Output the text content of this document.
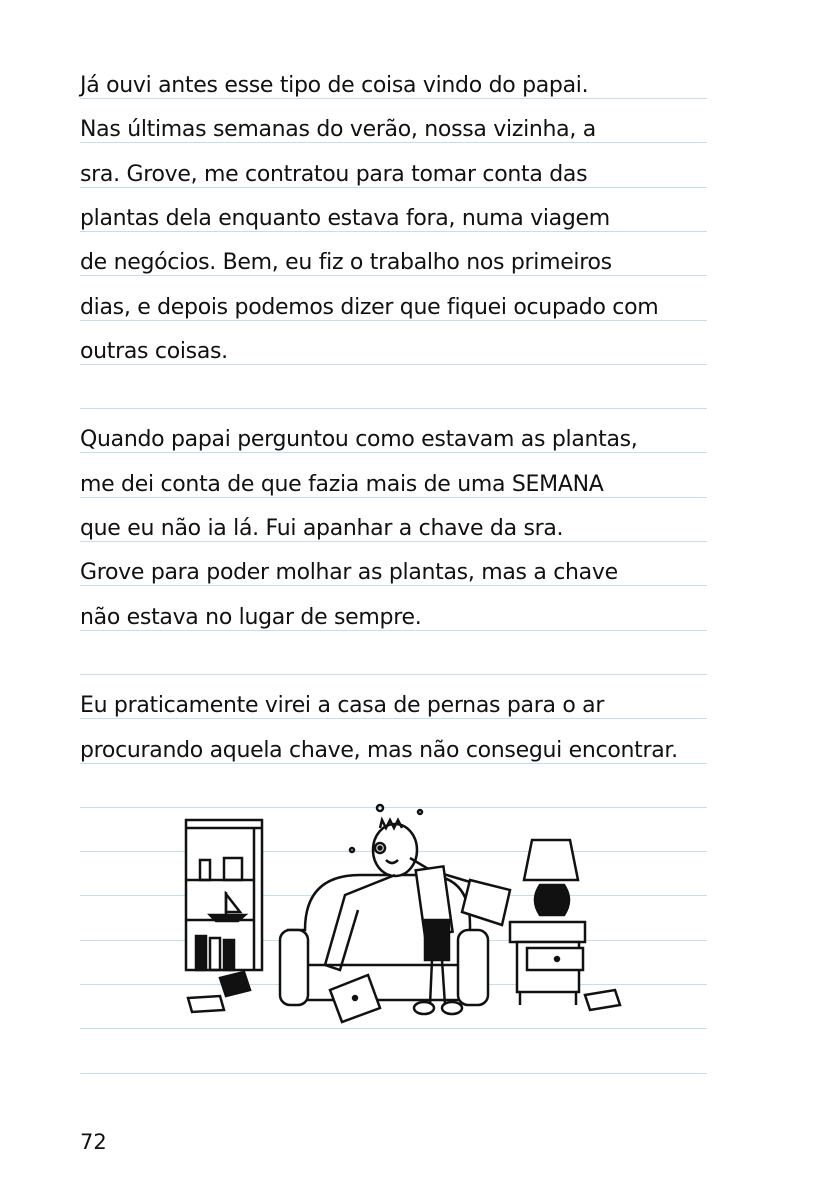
Já ouvi antes esse tipo de coisa vindo do papai.
Nas últimas semanas do verão, nossa vizinha, a
sra. Grove, me contratou para tomar conta das
plantas dela enquanto estava fora, numa viagem
de negócios. Bem, eu fiz o trabalho nos primeiros
dias, e depois podemos dizer que fiquei ocupado com
outras coisas.
Quando papai perguntou como estavam as plantas,
me dei conta de que fazia mais de uma SEMANA
que eu não ia lá. Fui apanhar a chave da sra.
Grove para poder molhar as plantas, mas a chave
não estava no lugar de sempre.
Eu praticamente virei a casa de pernas para o ar
procurando aquela chave, mas não consegui encontrar.
72
